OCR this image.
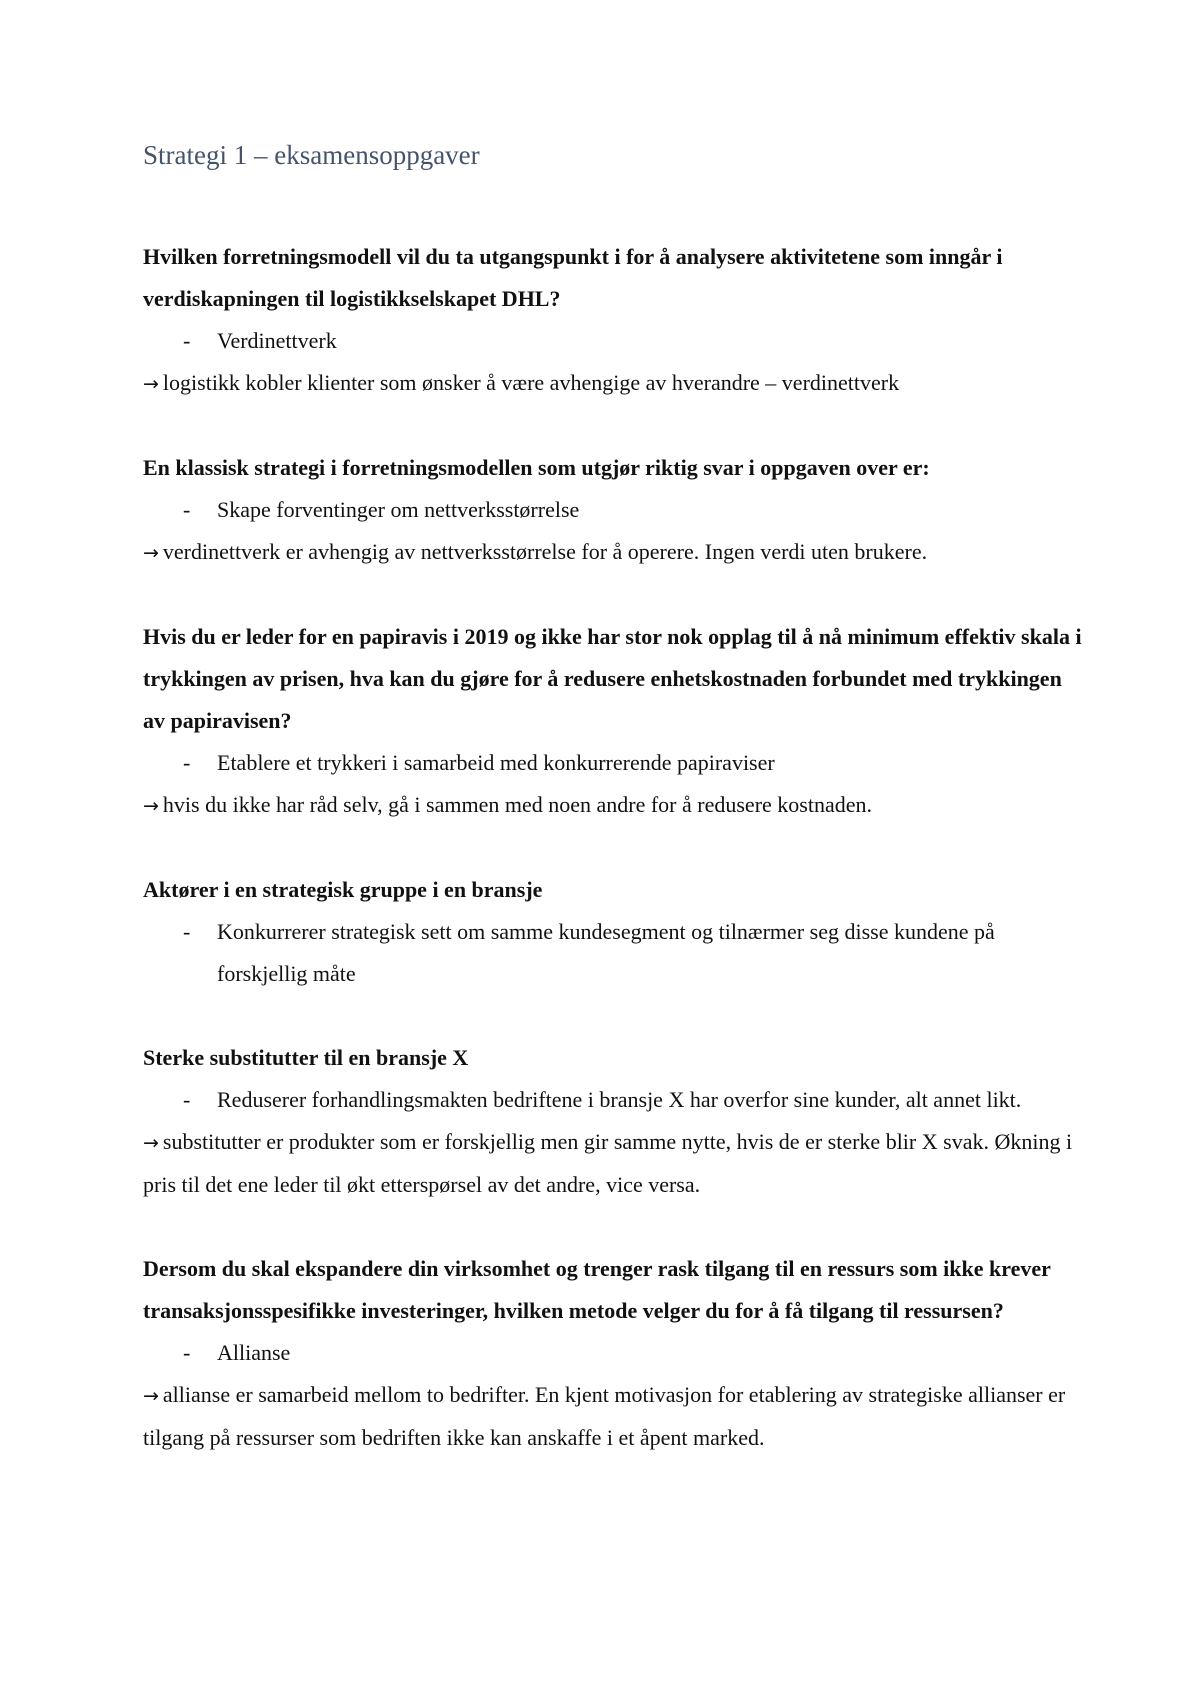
Strategi 1 – eksamensoppgaver

Hvilken forretningsmodell vil du ta utgangspunkt i for å analysere aktivitetene som inngår i verdiskapningen til logistikkselskapet DHL?

- Verdinettverk

→ logistikk kobler klienter som ønsker å være avhengige av hverandre – verdinettverk

En klassisk strategi i forretningsmodellen som utgjør riktig svar i oppgaven over er:

- Skape forventinger om nettverksstørrelse

→ verdinettverk er avhengig av nettverksstørrelse for å operere. Ingen verdi uten brukere.

Hvis du er leder for en papiravis i 2019 og ikke har stor nok opplag til å nå minimum effektiv skala i trykkingen av prisen, hva kan du gjøre for å redusere enhetskostnaden forbundet med trykkingen av papiravisen?

- Etablere et trykkeri i samarbeid med konkurrerende papiraviser

→ hvis du ikke har råd selv, gå i sammen med noen andre for å redusere kostnaden.

Aktører i en strategisk gruppe i en bransje

- Konkurrerer strategisk sett om samme kundesegment og tilnærmer seg disse kundene på forskjellig måte

Sterke substitutter til en bransje X

- Reduserer forhandlingsmakten bedriftene i bransje X har overfor sine kunder, alt annet likt.

→ substitutter er produkter som er forskjellig men gir samme nytte, hvis de er sterke blir X svak. Økning i pris til det ene leder til økt etterspørsel av det andre, vice versa.

Dersom du skal ekspandere din virksomhet og trenger rask tilgang til en ressurs som ikke krever transaksjonsspesifikke investeringer, hvilken metode velger du for å få tilgang til ressursen?

- Allianse

→ allianse er samarbeid mellom to bedrifter. En kjent motivasjon for etablering av strategiske allianser er tilgang på ressurser som bedriften ikke kan anskaffe i et åpent marked.
